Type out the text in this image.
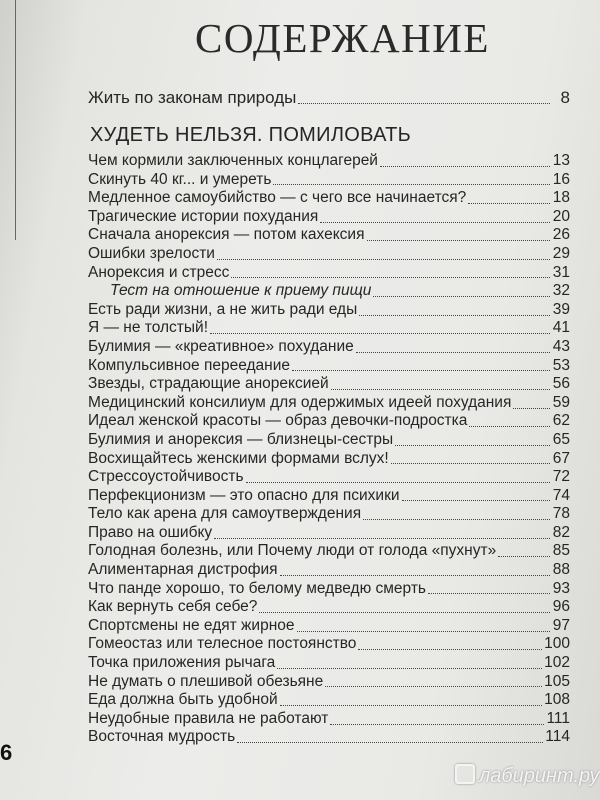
СОДЕРЖАНИЕ
Жить по законам природы	8
ХУДЕТЬ НЕЛЬЗЯ. ПОМИЛОВАТЬ
Чем кормили заключенных концлагерей	13
Скинуть 40 кг... и умереть	16
Медленное самоубийство — с чего все начинается?	18
Трагические истории похудания	20
Сначала анорексия — потом кахексия	26
Ошибки зрелости	29
Анорексия и стресс	31
Тест на отношение к приему пищи	32
Есть ради жизни, а не жить ради еды	39
Я — не толстый!	41
Булимия — «креативное» похудание	43
Компульсивное переедание	53
Звезды, страдающие анорексией	56
Медицинский консилиум для одержимых идеей похудания	59
Идеал женской красоты — образ девочки-подростка	62
Булимия и анорексия — близнецы-сестры	65
Восхищайтесь женскими формами вслух!	67
Стрессоустойчивость	72
Перфекционизм — это опасно для психики	74
Тело как арена для самоутверждения	78
Право на ошибку	82
Голодная болезнь, или Почему люди от голода «пухнут»	85
Алиментарная дистрофия	88
Что панде хорошо, то белому медведю смерть	93
Как вернуть себя себе?	96
Спортсмены не едят жирное	97
Гомеостаз или телесное постоянство	100
Точка приложения рычага	102
Не думать о плешивой обезьяне	105
Еда должна быть удобной	108
Неудобные правила не работают	111
Восточная мудрость	114
6
лабиринт.ру
